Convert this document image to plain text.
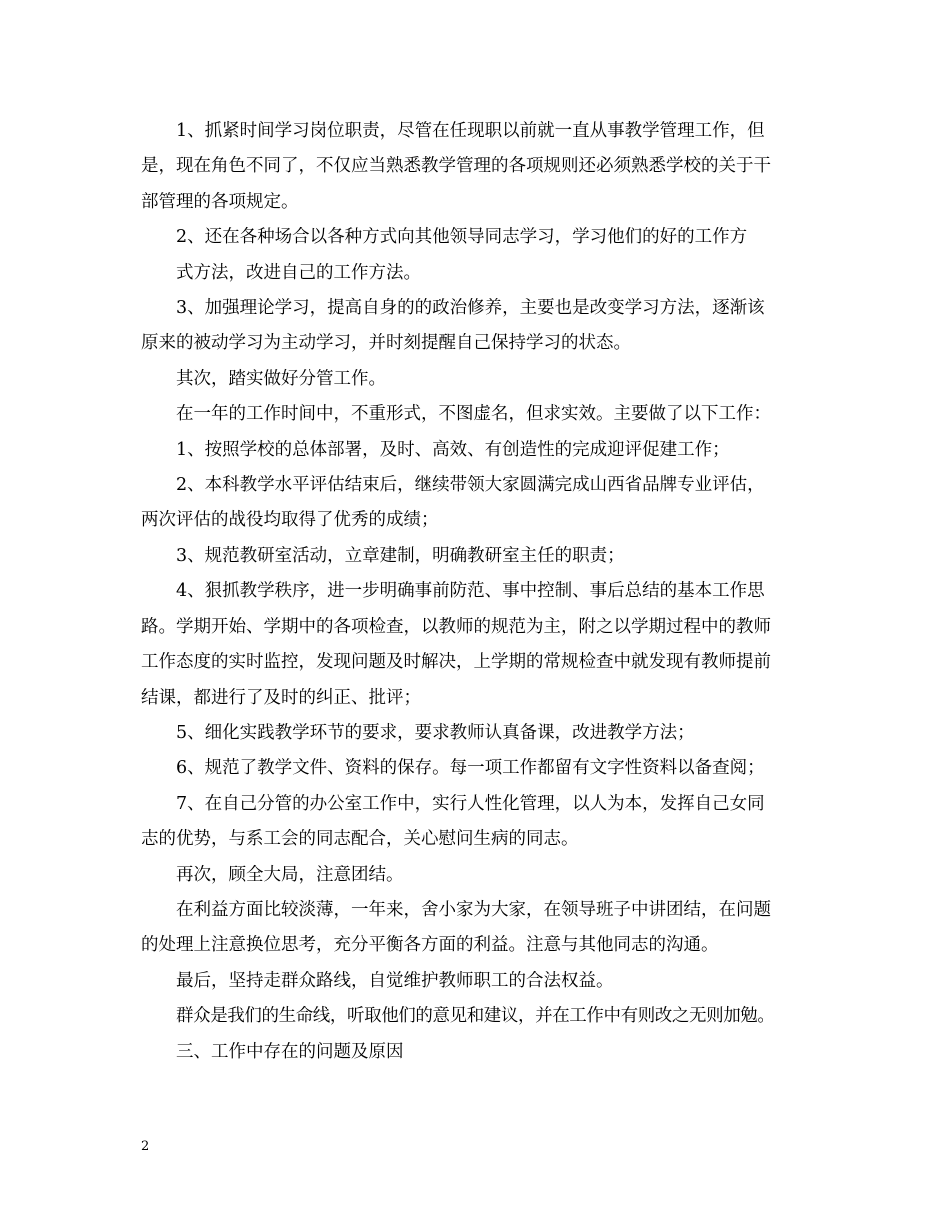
1、抓紧时间学习岗位职责，尽管在任现职以前就一直从事教学管理工作，但
是，现在角色不同了，不仅应当熟悉教学管理的各项规则还必须熟悉学校的关于干
部管理的各项规定。

2、还在各种场合以各种方式向其他领导同志学习，学习他们的好的工作方
式方法，改进自己的工作方法。

3、加强理论学习，提高自身的的政治修养，主要也是改变学习方法，逐渐该
原来的被动学习为主动学习，并时刻提醒自己保持学习的状态。

其次，踏实做好分管工作。

在一年的工作时间中，不重形式，不图虚名，但求实效。主要做了以下工作：

1、按照学校的总体部署，及时、高效、有创造性的完成迎评促建工作；

2、本科教学水平评估结束后，继续带领大家圆满完成山西省品牌专业评估，
两次评估的战役均取得了优秀的成绩；

3、规范教研室活动，立章建制，明确教研室主任的职责；

4、狠抓教学秩序，进一步明确事前防范、事中控制、事后总结的基本工作思
路。学期开始、学期中的各项检查，以教师的规范为主，附之以学期过程中的教师
工作态度的实时监控，发现问题及时解决，上学期的常规检查中就发现有教师提前
结课，都进行了及时的纠正、批评；

5、细化实践教学环节的要求，要求教师认真备课，改进教学方法；

6、规范了教学文件、资料的保存。每一项工作都留有文字性资料以备查阅；

7、在自己分管的办公室工作中，实行人性化管理，以人为本，发挥自己女同
志的优势，与系工会的同志配合，关心慰问生病的同志。

再次，顾全大局，注意团结。

在利益方面比较淡薄，一年来，舍小家为大家，在领导班子中讲团结，在问题
的处理上注意换位思考，充分平衡各方面的利益。注意与其他同志的沟通。

最后，坚持走群众路线，自觉维护教师职工的合法权益。

群众是我们的生命线，听取他们的意见和建议，并在工作中有则改之无则加勉。

三、工作中存在的问题及原因

2
